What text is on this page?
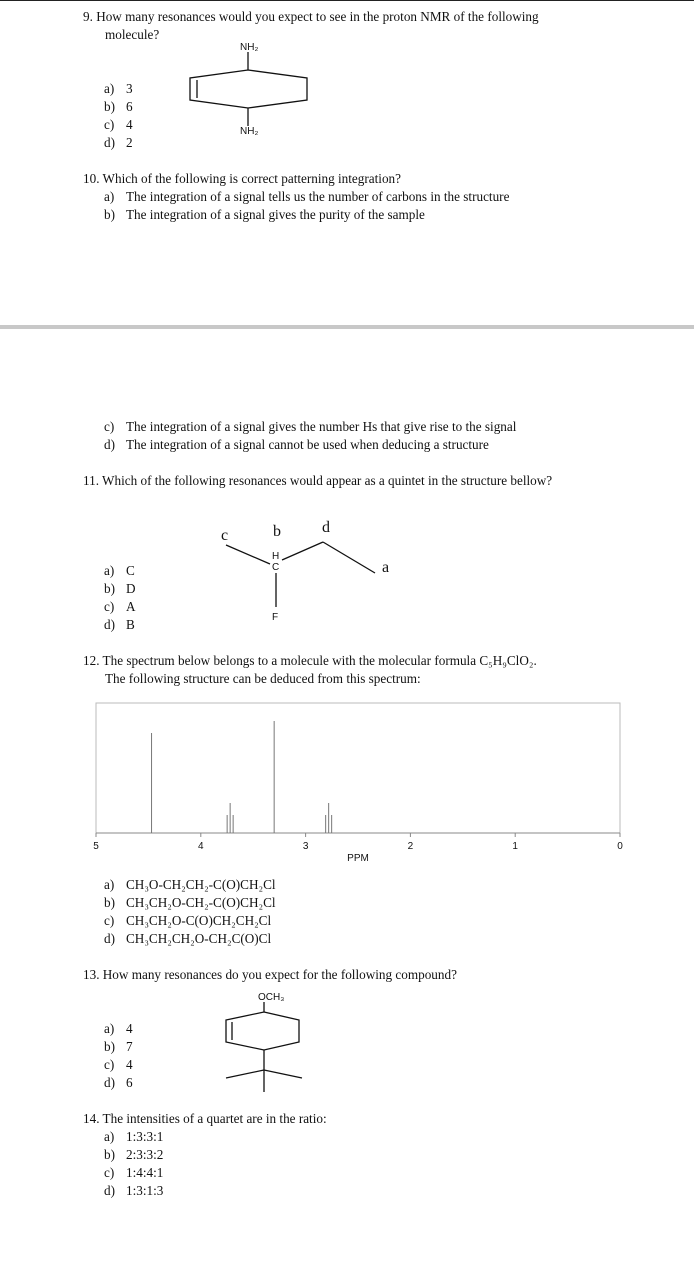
9. How many resonances would you expect to see in the proton NMR of the following
molecule?
a) 3
b) 6
c) 4
d) 2
NH₂
NH₂
10. Which of the following is correct patterning integration?
a) The integration of a signal tells us the number of carbons in the structure
b) The integration of a signal gives the purity of the sample
c) The integration of a signal gives the number Hs that give rise to the signal
d) The integration of a signal cannot be used when deducing a structure
11. Which of the following resonances would appear as a quintet in the structure bellow?
c	b	d
a
H
C
F
a) C
b) D
c) A
d) B
12. The spectrum below belongs to a molecule with the molecular formula C₅H₉ClO₂.
The following structure can be deduced from this spectrum:
PPM
5	4	3	2	1	0
a) CH₃O-CH₂CH₂-C(O)CH₂Cl
b) CH₃CH₂O-CH₂-C(O)CH₂Cl
c) CH₃CH₂O-C(O)CH₂CH₂Cl
d) CH₃CH₂CH₂O-CH₂C(O)Cl
13. How many resonances do you expect for the following compound?
OCH₃
a) 4
b) 7
c) 4
d) 6
14. The intensities of a quartet are in the ratio:
a) 1:3:3:1
b) 2:3:3:2
c) 1:4:4:1
d) 1:3:1:3
